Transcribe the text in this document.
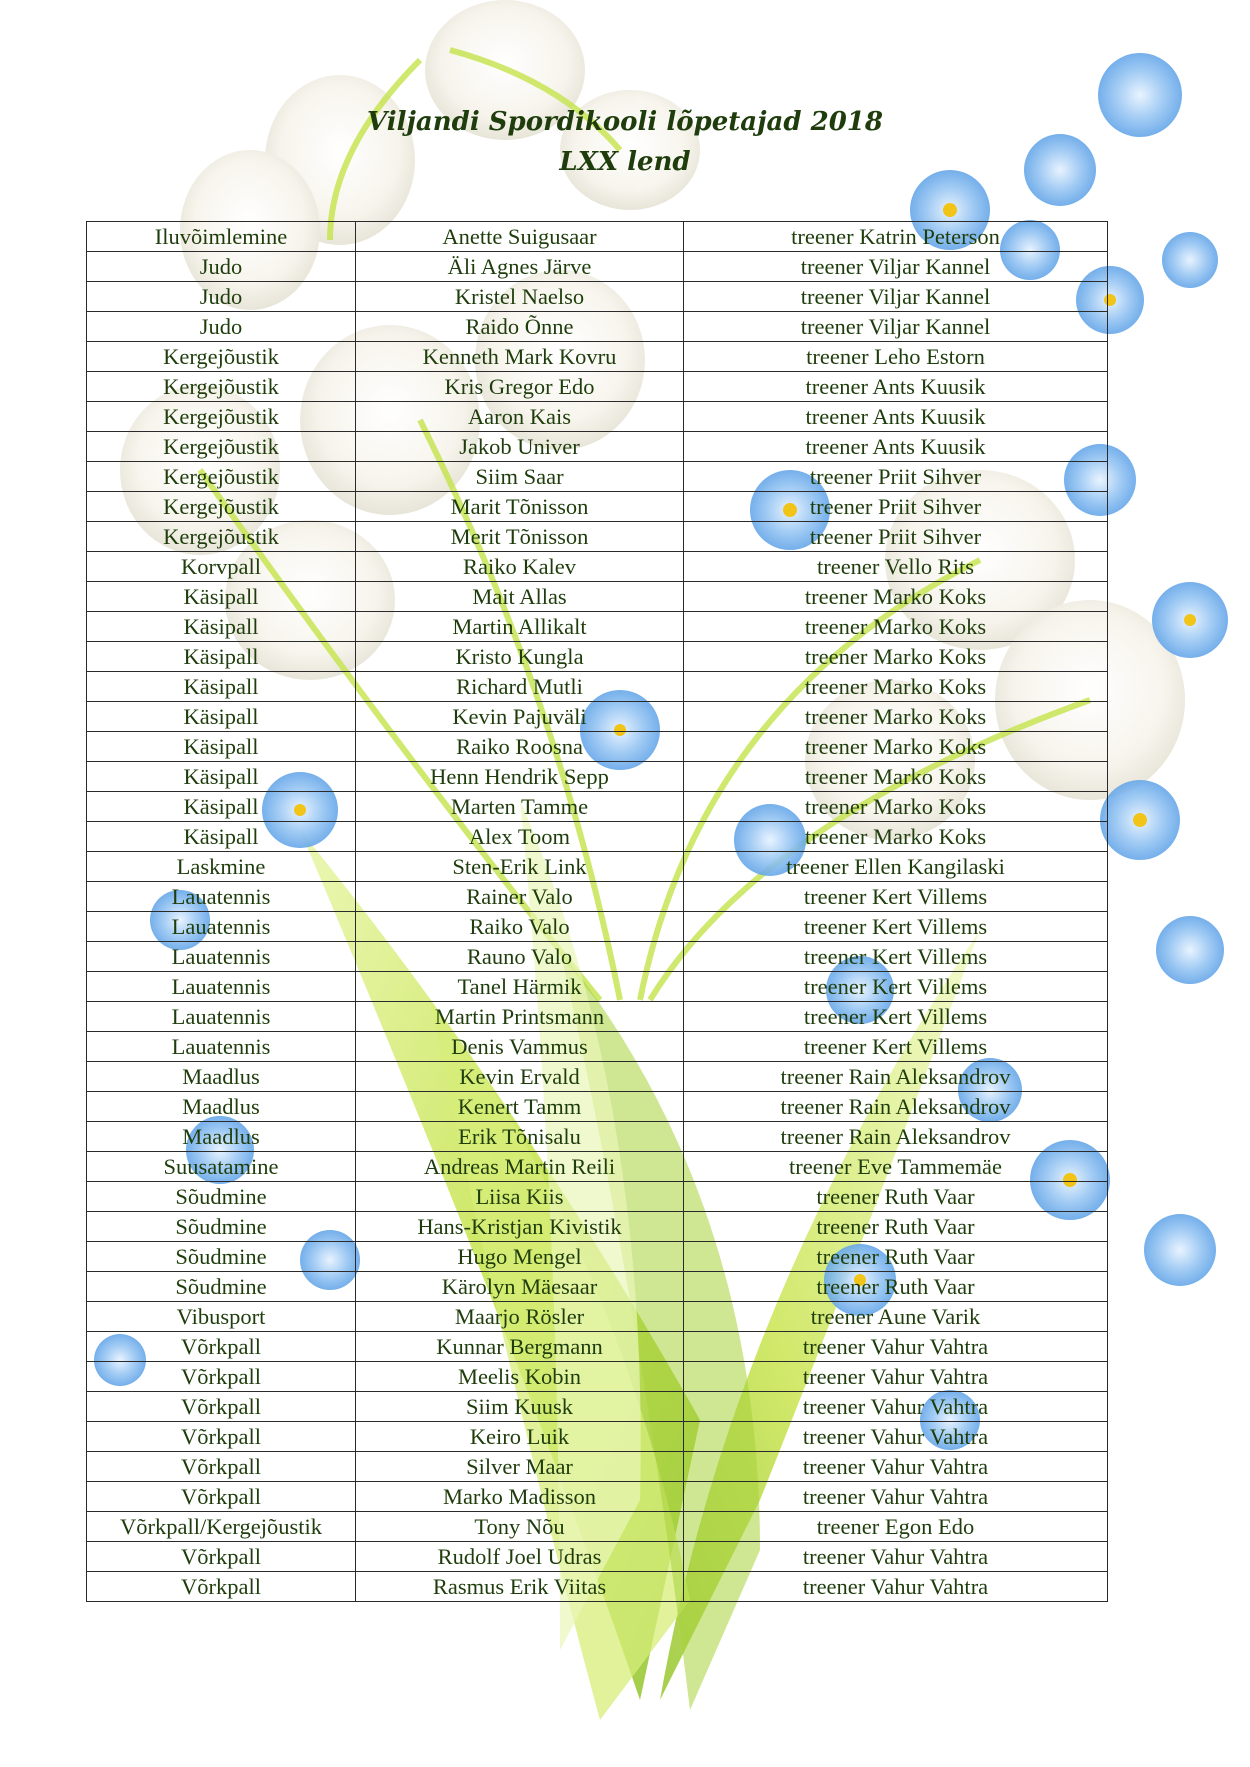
Viljandi Spordikooli lõpetajad 2018
LXX lend
Iluvõimlemine	Anette Suigusaar	treener Katrin Peterson
Judo	Äli Agnes Järve	treener Viljar Kannel
Judo	Kristel Naelso	treener Viljar Kannel
Judo	Raido Õnne	treener Viljar Kannel
Kergejõustik	Kenneth Mark Kovru	treener Leho Estorn
Kergejõustik	Kris Gregor Edo	treener Ants Kuusik
Kergejõustik	Aaron Kais	treener Ants Kuusik
Kergejõustik	Jakob Univer	treener Ants Kuusik
Kergejõustik	Siim Saar	treener Priit Sihver
Kergejõustik	Marit Tõnisson	treener Priit Sihver
Kergejõustik	Merit Tõnisson	treener Priit Sihver
Korvpall	Raiko Kalev	treener Vello Rits
Käsipall	Mait Allas	treener Marko Koks
Käsipall	Martin Allikalt	treener Marko Koks
Käsipall	Kristo Kungla	treener Marko Koks
Käsipall	Richard Mutli	treener Marko Koks
Käsipall	Kevin Pajuväli	treener Marko Koks
Käsipall	Raiko Roosna	treener Marko Koks
Käsipall	Henn Hendrik Sepp	treener Marko Koks
Käsipall	Marten Tamme	treener Marko Koks
Käsipall	Alex Toom	treener Marko Koks
Laskmine	Sten-Erik Link	treener Ellen Kangilaski
Lauatennis	Rainer Valo	treener Kert Villems
Lauatennis	Raiko Valo	treener Kert Villems
Lauatennis	Rauno Valo	treener Kert Villems
Lauatennis	Tanel Härmik	treener Kert Villems
Lauatennis	Martin Printsmann	treener Kert Villems
Lauatennis	Denis Vammus	treener Kert Villems
Maadlus	Kevin Ervald	treener Rain Aleksandrov
Maadlus	Kenert Tamm	treener Rain Aleksandrov
Maadlus	Erik Tõnisalu	treener Rain Aleksandrov
Suusatamine	Andreas Martin Reili	treener Eve Tammemäe
Sõudmine	Liisa Kiis	treener Ruth Vaar
Sõudmine	Hans-Kristjan Kivistik	treener Ruth Vaar
Sõudmine	Hugo Mengel	treener Ruth Vaar
Sõudmine	Kärolyn Mäesaar	treener Ruth Vaar
Vibusport	Maarjo Rösler	treener Aune Varik
Võrkpall	Kunnar Bergmann	treener Vahur Vahtra
Võrkpall	Meelis Kobin	treener Vahur Vahtra
Võrkpall	Siim Kuusk	treener Vahur Vahtra
Võrkpall	Keiro Luik	treener Vahur Vahtra
Võrkpall	Silver Maar	treener Vahur Vahtra
Võrkpall	Marko Madisson	treener Vahur Vahtra
Võrkpall/Kergejõustik	Tony Nõu	treener Egon Edo
Võrkpall	Rudolf Joel Udras	treener Vahur Vahtra
Võrkpall	Rasmus Erik Viitas	treener Vahur Vahtra
